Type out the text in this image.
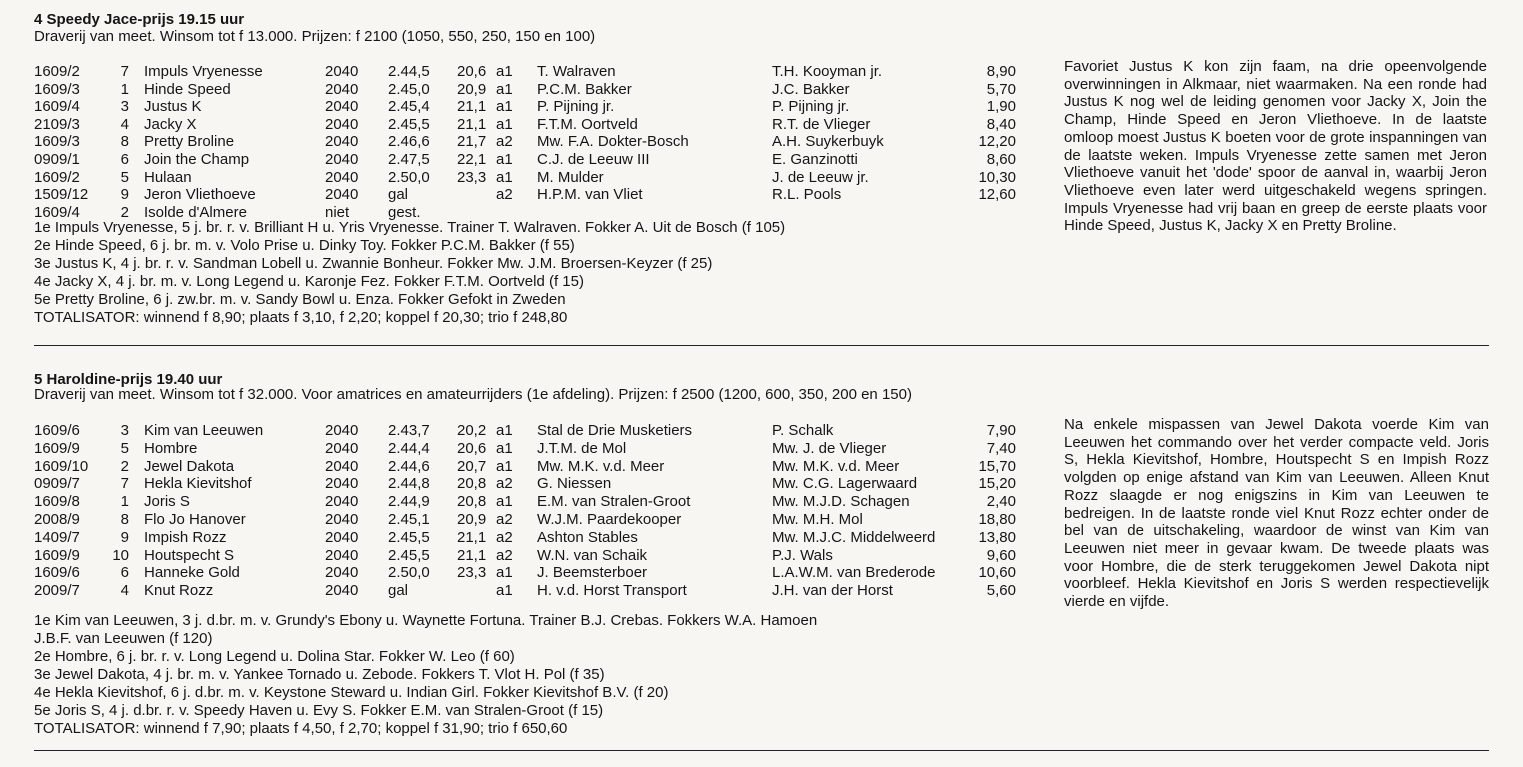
4 Speedy Jace-prijs 19.15 uur
Draverij van meet. Winsom tot f 13.000. Prijzen: f 2100 (1050, 550, 250, 150 en 100)
1609/2	7 Impuls Vryenesse	2040 2.44,5 20,6 a1 T. Walraven	T.H. Kooyman jr.	8,90
1609/3	1 Hinde Speed	2040 2.45,0 20,9 a1 P.C.M. Bakker	J.C. Bakker	5,70
1609/4	3 Justus K	2040 2.45,4 21,1 a1 P. Pijning jr.	P. Pijning jr.	1,90
2109/3	4 Jacky X	2040 2.45,5 21,1 a1 F.T.M. Oortveld	R.T. de Vlieger	8,40
1609/3	8 Pretty Broline	2040 2.46,6 21,7 a2 Mw. F.A. Dokter-Bosch	A.H. Suykerbuyk	12,20
0909/1	6 Join the Champ	2040 2.47,5 22,1 a1 C.J. de Leeuw III	E. Ganzinotti	8,60
1609/2	5 Hulaan	2040 2.50,0 23,3 a1 M. Mulder	J. de Leeuw jr.	10,30
1509/12	9 Jeron Vliethoeve	2040 gal	a2 H.P.M. van Vliet	R.L. Pools	12,60
1609/4	2 Isolde d'Almere	niet	gest.
1e Impuls Vryenesse, 5 j. br. r. v. Brilliant H u. Yris Vryenesse. Trainer T. Walraven. Fokker A. Uit de Bosch (f 105)
2e Hinde Speed, 6 j. br. m. v. Volo Prise u. Dinky Toy. Fokker P.C.M. Bakker (f 55)
3e Justus K, 4 j. br. r. v. Sandman Lobell u. Zwannie Bonheur. Fokker Mw. J.M. Broersen-Keyzer (f 25)
4e Jacky X, 4 j. br. m. v. Long Legend u. Karonje Fez. Fokker F.T.M. Oortveld (f 15)
5e Pretty Broline, 6 j. zw.br. m. v. Sandy Bowl u. Enza. Fokker Gefokt in Zweden
TOTALISATOR: winnend f 8,90; plaats f 3,10, f 2,20; koppel f 20,30; trio f 248,80
Favoriet Justus K kon zijn faam, na drie opeenvolgende overwinningen in Alkmaar, niet waarmaken. Na een ronde had Justus K nog wel de leiding genomen voor Jacky X, Join the Champ, Hinde Speed en Jeron Vliethoeve. In de laatste omloop moest Justus K boeten voor de grote inspanningen van de laatste weken. Impuls Vryenesse zette samen met Jeron Vliethoeve vanuit het 'dode' spoor de aanval in, waarbij Jeron Vliethoeve even later werd uitgeschakeld wegens springen. Impuls Vryenesse had vrij baan en greep de eerste plaats voor Hinde Speed, Justus K, Jacky X en Pretty Broline.
5 Haroldine-prijs 19.40 uur
Draverij van meet. Winsom tot f 32.000. Voor amatrices en amateurrijders (1e afdeling). Prijzen: f 2500 (1200, 600, 350, 200 en 150)
1609/6	3 Kim van Leeuwen	2040 2.43,7 20,2 a1 Stal de Drie Musketiers	P. Schalk	7,90
1609/9	5 Hombre	2040 2.44,4 20,6 a1 J.T.M. de Mol	Mw. J. de Vlieger	7,40
1609/10	2 Jewel Dakota	2040 2.44,6 20,7 a1 Mw. M.K. v.d. Meer	Mw. M.K. v.d. Meer	15,70
0909/7	7 Hekla Kievitshof	2040 2.44,8 20,8 a2 G. Niessen	Mw. C.G. Lagerwaard	15,20
1609/8	1 Joris S	2040 2.44,9 20,8 a1 E.M. van Stralen-Groot	Mw. M.J.D. Schagen	2,40
2008/9	8 Flo Jo Hanover	2040 2.45,1 20,9 a2 W.J.M. Paardekooper	Mw. M.H. Mol	18,80
1409/7	9 Impish Rozz	2040 2.45,5 21,1 a2 Ashton Stables	Mw. M.J.C. Middelweerd	13,80
1609/9	10 Houtspecht S	2040 2.45,5 21,1 a2 W.N. van Schaik	P.J. Wals	9,60
1609/6	6 Hanneke Gold	2040 2.50,0 23,3 a1 J. Beemsterboer	L.A.W.M. van Brederode	10,60
2009/7	4 Knut Rozz	2040 gal	a1 H. v.d. Horst Transport	J.H. van der Horst	5,60
1e Kim van Leeuwen, 3 j. d.br. m. v. Grundy's Ebony u. Waynette Fortuna. Trainer B.J. Crebas. Fokkers W.A. Hamoen
J.B.F. van Leeuwen (f 120)
2e Hombre, 6 j. br. r. v. Long Legend u. Dolina Star. Fokker W. Leo (f 60)
3e Jewel Dakota, 4 j. br. m. v. Yankee Tornado u. Zebode. Fokkers T. Vlot H. Pol (f 35)
4e Hekla Kievitshof, 6 j. d.br. m. v. Keystone Steward u. Indian Girl. Fokker Kievitshof B.V. (f 20)
5e Joris S, 4 j. d.br. r. v. Speedy Haven u. Evy S. Fokker E.M. van Stralen-Groot (f 15)
TOTALISATOR: winnend f 7,90; plaats f 4,50, f 2,70; koppel f 31,90; trio f 650,60
Na enkele mispassen van Jewel Dakota voerde Kim van Leeuwen het commando over het verder compacte veld. Joris S, Hekla Kievitshof, Hombre, Houtspecht S en Impish Rozz volgden op enige afstand van Kim van Leeuwen. Alleen Knut Rozz slaagde er nog enigszins in Kim van Leeuwen te bedreigen. In de laatste ronde viel Knut Rozz echter onder de bel van de uitschakeling, waardoor de winst van Kim van Leeuwen niet meer in gevaar kwam. De tweede plaats was voor Hombre, die de sterk teruggekomen Jewel Dakota nipt voorbleef. Hekla Kievitshof en Joris S werden respectievelijk vierde en vijfde.
